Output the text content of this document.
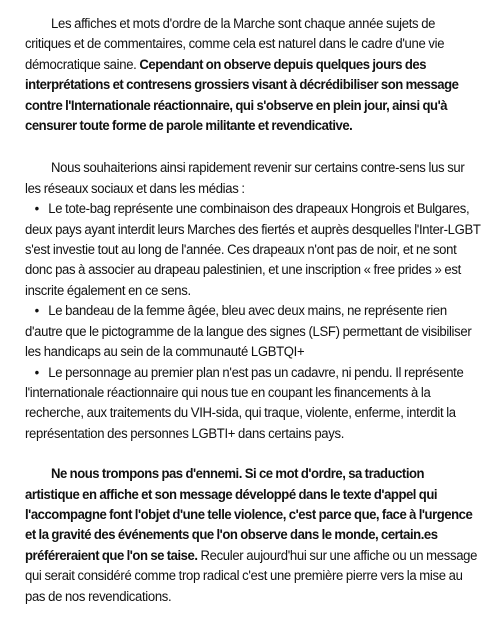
Les affiches et mots d'ordre de la Marche sont chaque année sujets de critiques et de commentaires, comme cela est naturel dans le cadre d'une vie démocratique saine. Cependant on observe depuis quelques jours des interprétations et contresens grossiers visant à décrédibiliser son message contre l'Internationale réactionnaire, qui s'observe en plein jour, ainsi qu'à censurer toute forme de parole militante et revendicative.

Nous souhaiterions ainsi rapidement revenir sur certains contre-sens lus sur les réseaux sociaux et dans les médias :
• Le tote-bag représente une combinaison des drapeaux Hongrois et Bulgares, deux pays ayant interdit leurs Marches des fiertés et auprès desquelles l'Inter-LGBT s'est investie tout au long de l'année. Ces drapeaux n'ont pas de noir, et ne sont donc pas à associer au drapeau palestinien, et une inscription « free prides » est inscrite également en ce sens.
• Le bandeau de la femme âgée, bleu avec deux mains, ne représente rien d'autre que le pictogramme de la langue des signes (LSF) permettant de visibiliser les handicaps au sein de la communauté LGBTQI+
• Le personnage au premier plan n'est pas un cadavre, ni pendu. Il représente l'internationale réactionnaire qui nous tue en coupant les financements à la recherche, aux traitements du VIH-sida, qui traque, violente, enferme, interdit la représentation des personnes LGBTI+ dans certains pays.

Ne nous trompons pas d'ennemi. Si ce mot d'ordre, sa traduction artistique en affiche et son message développé dans le texte d'appel qui l'accompagne font l'objet d'une telle violence, c'est parce que, face à l'urgence et la gravité des événements que l'on observe dans le monde, certain.es préféreraient que l'on se taise. Reculer aujourd'hui sur une affiche ou un message qui serait considéré comme trop radical c'est une première pierre vers la mise au pas de nos revendications.
